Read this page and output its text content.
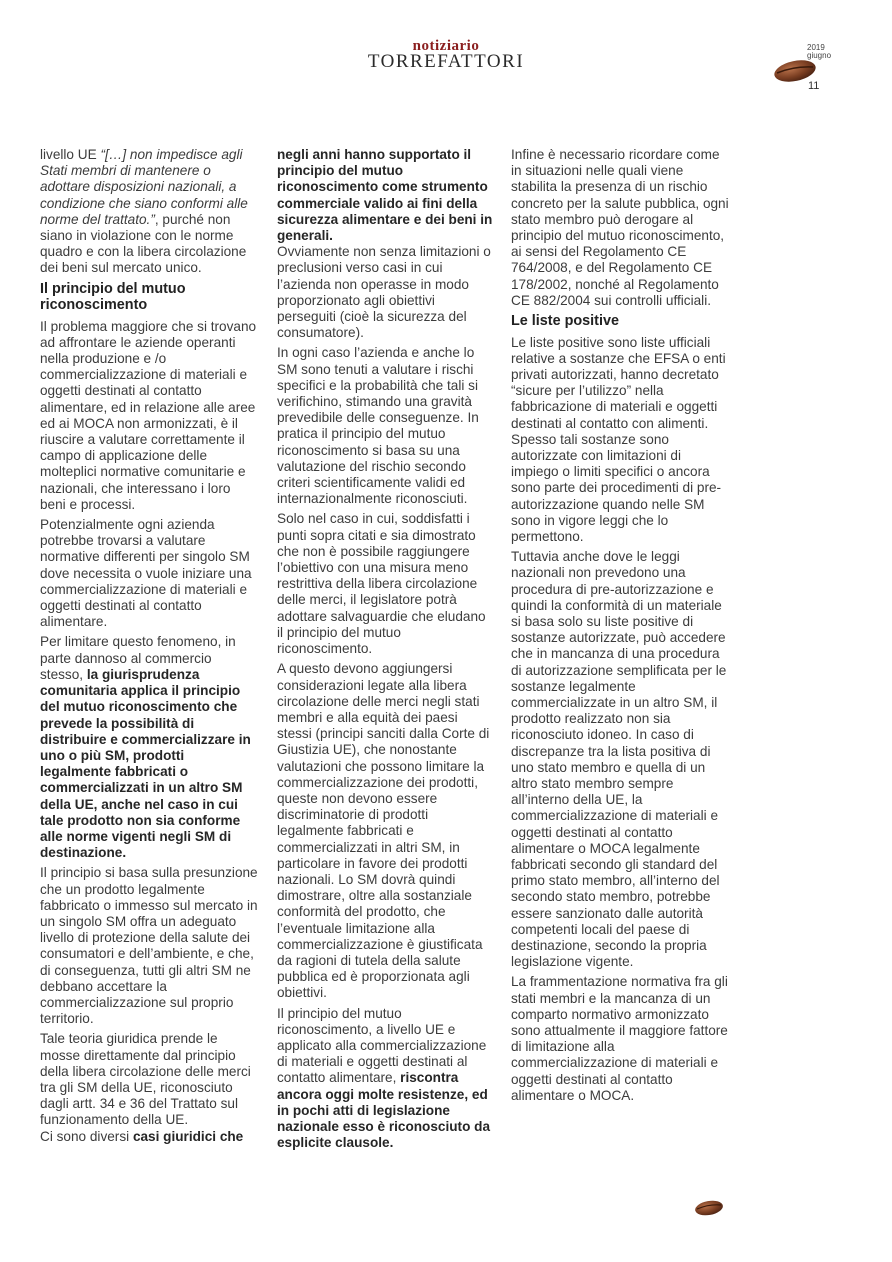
notiziario
TORREFATTORI
2019
giugno
11

livello UE “[…] non impedisce agli Stati membri di mantenere o adottare disposizioni nazionali, a condizione che siano conformi alle norme del trattato.”, purché non siano in violazione con le norme quadro e con la libera circolazione dei beni sul mercato unico.

Il principio del mutuo riconoscimento

Il problema maggiore che si trovano ad affrontare le aziende operanti nella produzione e /o commercializzazione di materiali e oggetti destinati al contatto alimentare, ed in relazione alle aree ed ai MOCA non armonizzati, è il riuscire a valutare correttamente il campo di applicazione delle molteplici normative comunitarie e nazionali, che interessano i loro beni e processi.

Potenzialmente ogni azienda potrebbe trovarsi a valutare normative differenti per singolo SM dove necessita o vuole iniziare una commercializzazione di materiali e oggetti destinati al contatto alimentare.

Per limitare questo fenomeno, in parte dannoso al commercio stesso, la giurisprudenza comunitaria applica il principio del mutuo riconoscimento che prevede la possibilità di distribuire e commercializzare in uno o più SM, prodotti legalmente fabbricati o commercializzati in un altro SM della UE, anche nel caso in cui tale prodotto non sia conforme alle norme vigenti negli SM di destinazione.

Il principio si basa sulla presunzione che un prodotto legalmente fabbricato o immesso sul mercato in un singolo SM offra un adeguato livello di protezione della salute dei consumatori e dell’ambiente, e che, di conseguenza, tutti gli altri SM ne debbano accettare la commercializzazione sul proprio territorio.

Tale teoria giuridica prende le mosse direttamente dal principio della libera circolazione delle merci tra gli SM della UE, riconosciuto dagli artt. 34 e 36 del Trattato sul funzionamento della UE.

Ci sono diversi casi giuridici che

negli anni hanno supportato il principio del mutuo riconoscimento come strumento commerciale valido ai fini della sicurezza alimentare e dei beni in generali.
Ovviamente non senza limitazioni o preclusioni verso casi in cui l’azienda non operasse in modo proporzionato agli obiettivi perseguiti (cioè la sicurezza del consumatore).

In ogni caso l’azienda e anche lo SM sono tenuti a valutare i rischi specifici e la probabilità che tali si verifichino, stimando una gravità prevedibile delle conseguenze. In pratica il principio del mutuo riconoscimento si basa su una valutazione del rischio secondo criteri scientificamente validi ed internazionalmente riconosciuti.

Solo nel caso in cui, soddisfatti i punti sopra citati e sia dimostrato che non è possibile raggiungere l’obiettivo con una misura meno restrittiva della libera circolazione delle merci, il legislatore potrà adottare salvaguardie che eludano il principio del mutuo riconoscimento.

A questo devono aggiungersi considerazioni legate alla libera circolazione delle merci negli stati membri e alla equità dei paesi stessi (principi sanciti dalla Corte di Giustizia UE), che nonostante valutazioni che possono limitare la commercializzazione dei prodotti, queste non devono essere discriminatorie di prodotti legalmente fabbricati e commercializzati in altri SM, in particolare in favore dei prodotti nazionali. Lo SM dovrà quindi dimostrare, oltre alla sostanziale conformità del prodotto, che l’eventuale limitazione alla commercializzazione è giustificata da ragioni di tutela della salute pubblica ed è proporzionata agli obiettivi.

Il principio del mutuo riconoscimento, a livello UE e applicato alla commercializzazione di materiali e oggetti destinati al contatto alimentare, riscontra ancora oggi molte resistenze, ed in pochi atti di legislazione nazionale esso è riconosciuto da esplicite clausole.

Infine è necessario ricordare come in situazioni nelle quali viene stabilita la presenza di un rischio concreto per la salute pubblica, ogni stato membro può derogare al principio del mutuo riconoscimento, ai sensi del Regolamento CE 764/2008, e del Regolamento CE 178/2002, nonché al Regolamento CE 882/2004 sui controlli ufficiali.

Le liste positive

Le liste positive sono liste ufficiali relative a sostanze che EFSA o enti privati autorizzati, hanno decretato “sicure per l’utilizzo” nella fabbricazione di materiali e oggetti destinati al contatto con alimenti. Spesso tali sostanze sono autorizzate con limitazioni di impiego o limiti specifici o ancora sono parte dei procedimenti di pre-autorizzazione quando nelle SM sono in vigore leggi che lo permettono.

Tuttavia anche dove le leggi nazionali non prevedono una procedura di pre-autorizzazione e quindi la conformità di un materiale si basa solo su liste positive di sostanze autorizzate, può accedere che in mancanza di una procedura di autorizzazione semplificata per le sostanze legalmente commercializzate in un altro SM, il prodotto realizzato non sia riconosciuto idoneo. In caso di discrepanze tra la lista positiva di uno stato membro e quella di un altro stato membro sempre all’interno della UE, la commercializzazione di materiali e oggetti destinati al contatto alimentare o MOCA legalmente fabbricati secondo gli standard del primo stato membro, all’interno del secondo stato membro, potrebbe essere sanzionato dalle autorità competenti locali del paese di destinazione, secondo la propria legislazione vigente.

La frammentazione normativa fra gli stati membri e la mancanza di un comparto normativo armonizzato sono attualmente il maggiore fattore di limitazione alla commercializzazione di materiali e oggetti destinati al contatto alimentare o MOCA.
